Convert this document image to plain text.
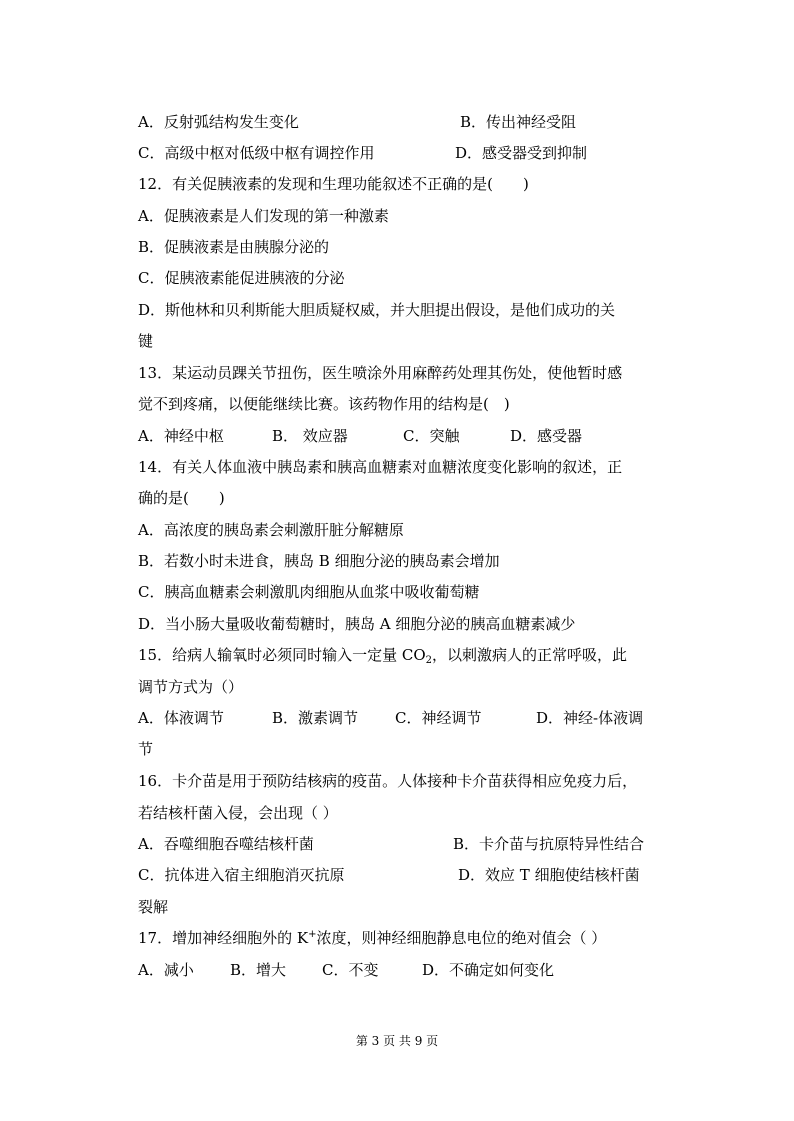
A．反射弧结构发生变化	B．传出神经受阻
C．高级中枢对低级中枢有调控作用	D．感受器受到抑制
12．有关促胰液素的发现和生理功能叙述不正确的是(　　)
A．促胰液素是人们发现的第一种激素
B．促胰液素是由胰腺分泌的
C．促胰液素能促进胰液的分泌
D．斯他林和贝利斯能大胆质疑权威，并大胆提出假设，是他们成功的关
键
13．某运动员踝关节扭伤，医生喷涂外用麻醉药处理其伤处，使他暂时感
觉不到疼痛，以便能继续比赛。该药物作用的结构是(　)
A．神经中枢	B． 效应器	C．突触	D．感受器
14．有关人体血液中胰岛素和胰高血糖素对血糖浓度变化影响的叙述，正
确的是(　　)
A．高浓度的胰岛素会刺激肝脏分解糖原
B．若数小时未进食，胰岛 B 细胞分泌的胰岛素会增加
C．胰高血糖素会刺激肌肉细胞从血浆中吸收葡萄糖
D．当小肠大量吸收葡萄糖时，胰岛 A 细胞分泌的胰高血糖素减少
15．给病人输氧时必须同时输入一定量 $CO_2$，以刺激病人的正常呼吸，此
调节方式为（）
A．体液调节	B．激素调节 C．神经调节	D．神经-体液调
节
16．卡介苗是用于预防结核病的疫苗。人体接种卡介苗获得相应免疫力后，
若结核杆菌入侵，会出现（ ）
A．吞噬细胞吞噬结核杆菌	B．卡介苗与抗原特异性结合
C．抗体进入宿主细胞消灭抗原	D．效应 T 细胞使结核杆菌
裂解
17．增加神经细胞外的 K+浓度，则神经细胞静息电位的绝对值会（ ）
A．减小 B．增大 C．不变	D．不确定如何变化
第 3 页 共 9 页
